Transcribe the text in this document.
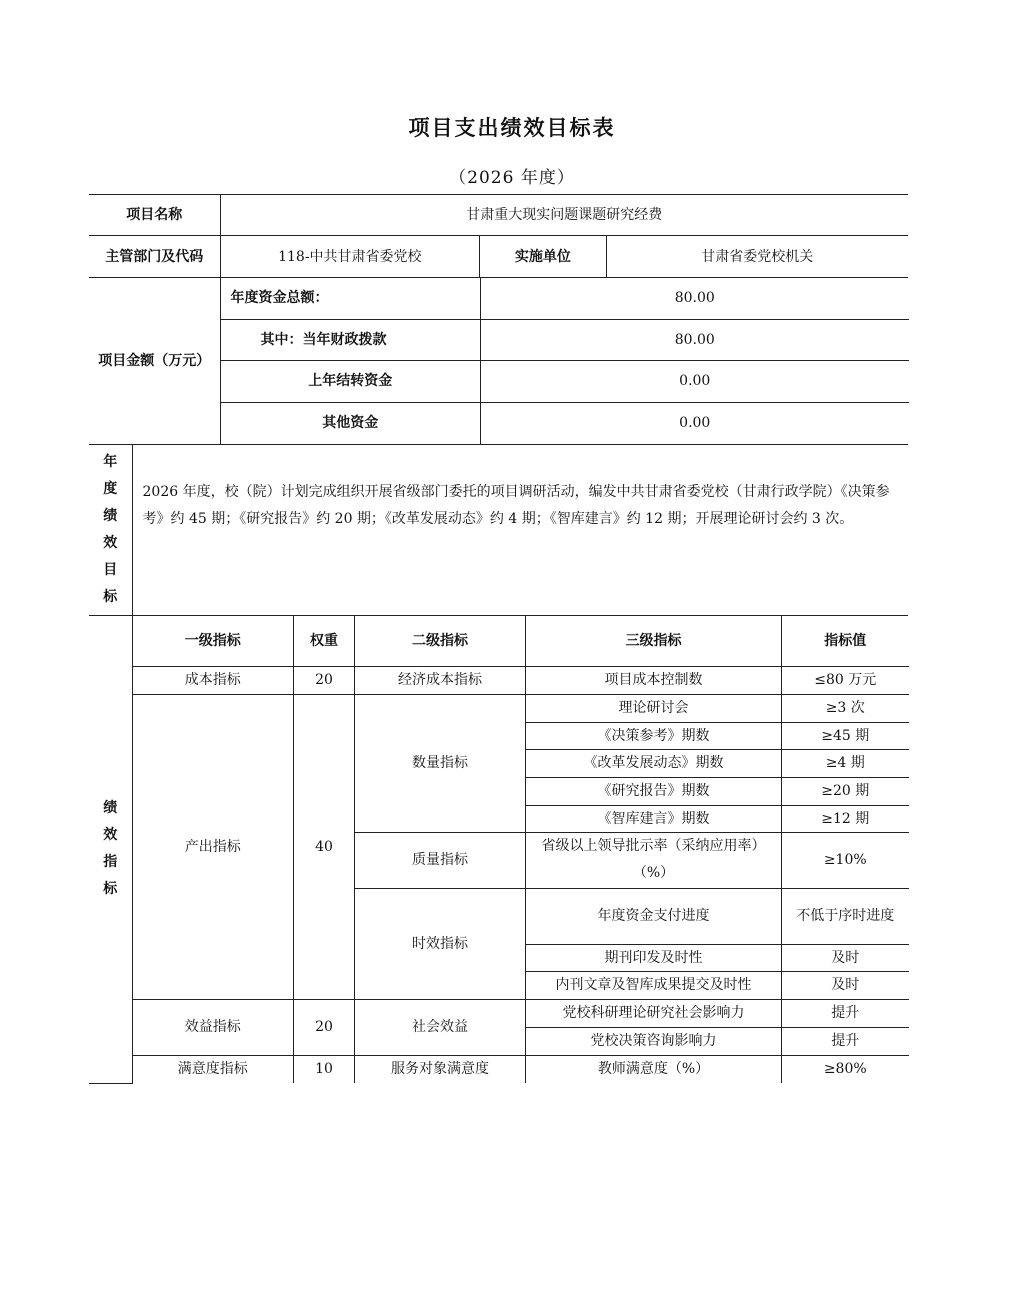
项目支出绩效目标表
（2026 年度）
项目名称	甘肃重大现实问题课题研究经费
主管部门及代码	118-中共甘肃省委党校	实施单位	甘肃省委党校机关
项目金额（万元）	
年度资金总额：	80.00
其中：当年财政拨款	80.00
上年结转资金	0.00
其他资金	0.00

年
度
绩
效
目
标
	2026 年度，校（院）计划完成组织开展省级部门委托的项目调研活动，编发中共甘肃省委党校（甘肃行政学院）《决策参考》约 45 期；《研究报告》约 20 期；《改革发展动态》约 4 期；《智库建言》约 12 期；开展理论研讨会约 3 次。

绩
效
指
标

一级指标	权重	二级指标	三级指标	指标值
成本指标	20	经济成本指标	项目成本控制数	≤80 万元
产出指标	40	数量指标	理论研讨会	≥3 次
《决策参考》期数	≥45 期
《改革发展动态》期数	≥4 期
《研究报告》期数	≥20 期
《智库建言》期数	≥12 期
质量指标	省级以上领导批示率（采纳应用率）（%）	≥10%
时效指标	年度资金支付进度	不低于序时进度
期刊印发及时性	及时
内刊文章及智库成果提交及时性	及时

效益指标	20	社会效益	党校科研理论研究社会影响力	提升
党校决策咨询影响力	提升
满意度指标	10	服务对象满意度	教师满意度（%）	≥80%
